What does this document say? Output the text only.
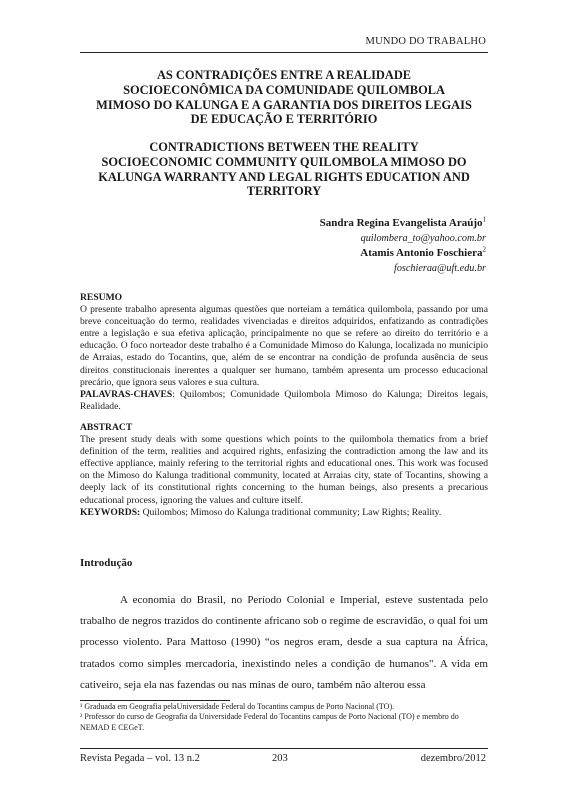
MUNDO DO TRABALHO
AS CONTRADIÇÕES ENTRE A REALIDADE
SOCIOECONÔMICA DA COMUNIDADE QUILOMBOLA
MIMOSO DO KALUNGA E A GARANTIA DOS DIREITOS LEGAIS
DE EDUCAÇÃO E TERRITÓRIO
CONTRADICTIONS BETWEEN THE REALITY
SOCIOECONOMIC COMMUNITY QUILOMBOLA MIMOSO DO
KALUNGA WARRANTY AND LEGAL RIGHTS EDUCATION AND
TERRITORY
Sandra Regina Evangelista Araújo$^1$
quilombera_to@yahoo.com.br
Atamis Antonio Foschiera$^2$
foschieraa@uft.edu.br
RESUMO
O presente trabalho apresenta algumas questões que norteiam a temática quilombola, passando por uma breve conceituação do termo, realidades vivenciadas e direitos adquiridos, enfatizando as contradições entre a legislação e sua efetiva aplicação, principalmente no que se refere ao direito do território e a educação. O foco norteador deste trabalho é a Comunidade Mimoso do Kalunga, localizada no município de Arraias, estado do Tocantins, que, além de se encontrar na condição de profunda ausência de seus direitos constitucionais inerentes a qualquer ser humano, também apresenta um processo educacional precário, que ignora seus valores e sua cultura.
PALAVRAS-CHAVES: Quilombos; Comunidade Quilombola Mimoso do Kalunga; Direitos legais, Realidade.
ABSTRACT
The present study deals with some questions which points to the quilombola thematics from a brief definition of the term, realities and acquired rights, enfasizing the contradiction among the law and its effective appliance, mainly refering to the territorial rights and educational ones. This work was focused on the Mimoso do Kalunga traditional community, located at Arraias city, state of Tocantins, showing a deeply lack of its constitutional rights concerning to the human beings, also presents a precarious educational process, ignoring the values and culture itself.
KEYWORDS: Quilombos; Mimoso do Kalunga traditional community; Law Rights; Reality.
Introdução
A economia do Brasil, no Período Colonial e Imperial, esteve sustentada pelo trabalho de negros trazidos do continente africano sob o regime de escravidão, o qual foi um processo violento. Para Mattoso (1990) “os negros eram, desde a sua captura na África, tratados como simples mercadoria, inexistindo neles a condição de humanos". A vida em cativeiro, seja ela nas fazendas ou nas minas de ouro, também não alterou essa
¹ Graduada em Geografia pelaUniversidade Federal do Tocantins campus de Porto Nacional (TO).
² Professor do curso de Geografia da Universidade Federal do Tocantins campus de Porto Nacional (TO) e membro do NEMAD E CEGeT.
Revista Pegada – vol. 13 n.2	203	dezembro/2012
